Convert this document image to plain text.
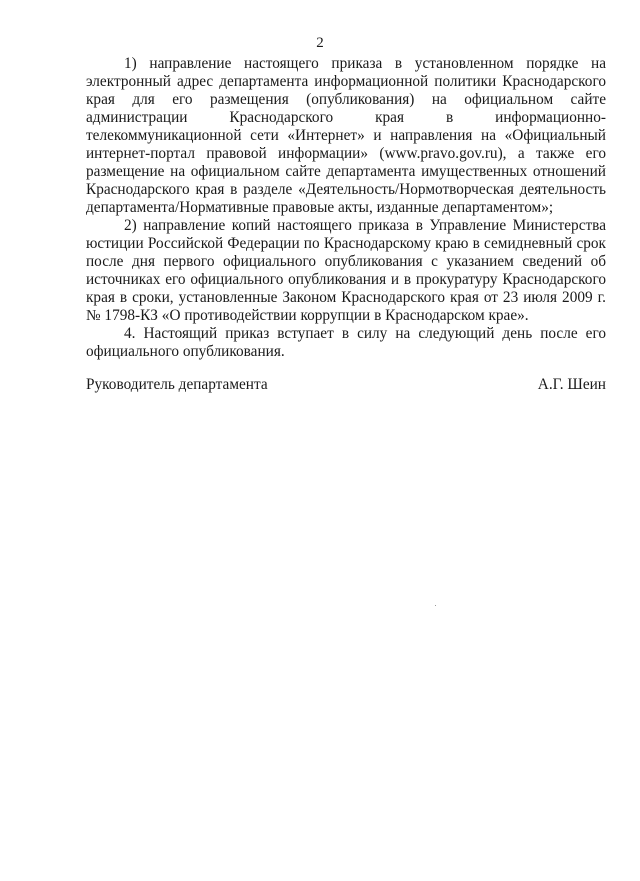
2

1) направление настоящего приказа в установленном порядке на электронный адрес департамента информационной политики Краснодарского края для его размещения (опубликования) на официальном сайте администрации Краснодарского края в информационно-телекоммуникационной сети «Интернет» и направления на «Официальный интернет-портал правовой информации» (www.pravo.gov.ru), а также его размещение на официальном сайте департамента имущественных отношений Краснодарского края в разделе «Деятельность/Нормотворческая деятельность департамента/Нормативные правовые акты, изданные департаментом»;

2) направление копий настоящего приказа в Управление Министерства юстиции Российской Федерации по Краснодарскому краю в семидневный срок после дня первого официального опубликования с указанием сведений об источниках его официального опубликования и в прокуратуру Краснодарского края в сроки, установленные Законом Краснодарского края от 23 июля 2009 г. № 1798-КЗ «О противодействии коррупции в Краснодарском крае».

4. Настоящий приказ вступает в силу на следующий день после его официального опубликования.

Руководитель департамента	А.Г. Шеин
